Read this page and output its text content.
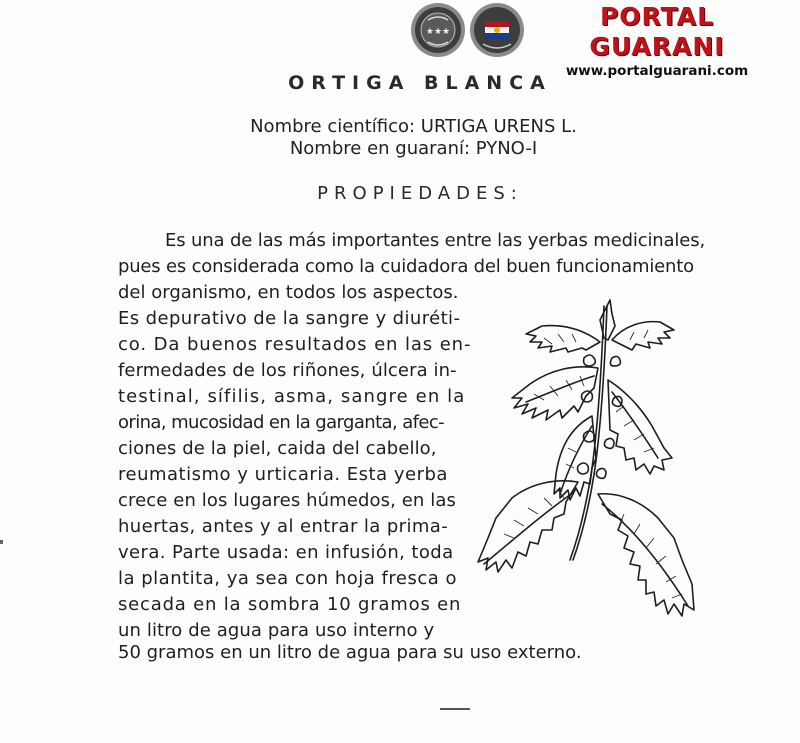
★★★
PORTAL GUARANI
www.portalguarani.com
ORTIGA BLANCA
Nombre científico: URTIGA URENS L.
Nombre en guaraní: PYNO-I
PROPIEDADES:
Es una de las más importantes entre las yerbas medicinales,
pues es considerada como la cuidadora del buen funcionamiento
del organismo, en todos los aspectos.
Es depurativo de la sangre y diuréti-
co. Da buenos resultados en las en-
fermedades de los riñones, úlcera in-
testinal, sífilis, asma, sangre en la
orina, mucosidad en la garganta, afec-
ciones de la piel, caida del cabello,
reumatismo y urticaria. Esta yerba
crece en los lugares húmedos, en las
huertas, antes y al entrar la prima-
vera. Parte usada: en infusión, toda
la plantita, ya sea con hoja fresca o
secada en la sombra 10 gramos en
un litro de agua para uso interno y
50 gramos en un litro de agua para su uso externo.
